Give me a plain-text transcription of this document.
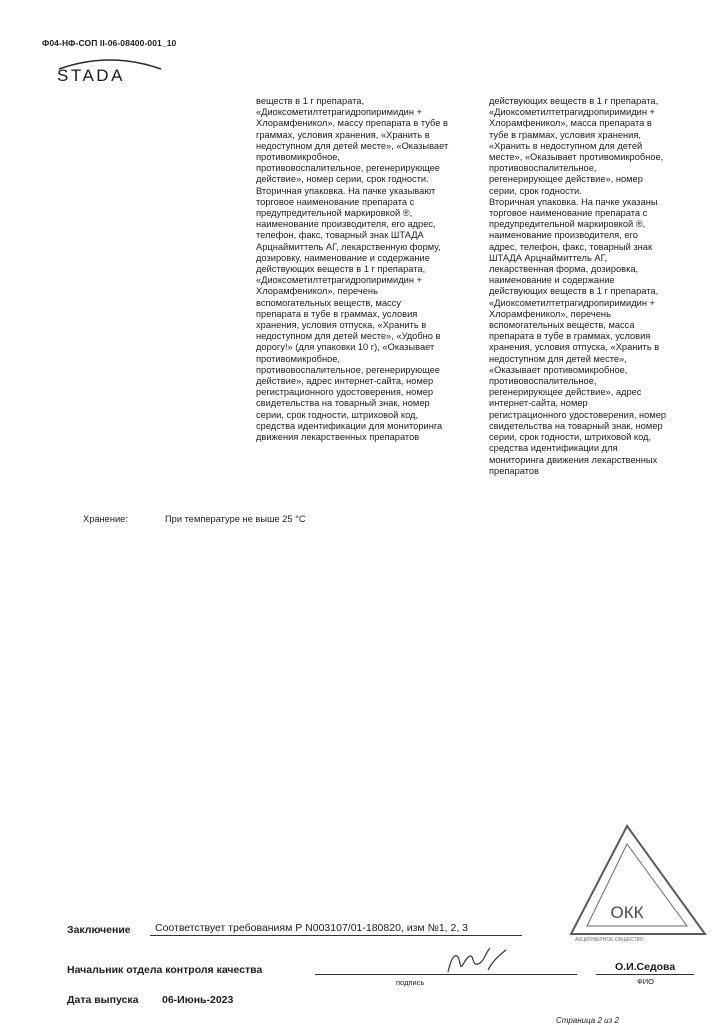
Ф04-НФ-СОП II-06-08400-001_10
STADA
веществ в 1 г препарата,
«Диоксометилтетрагидропиримидин +
Хлорамфеникол», массу препарата в тубе в
граммах, условия хранения, «Хранить в
недоступном для детей месте», «Оказывает
противомикробное,
противовоспалительное, регенерирующее
действие», номер серии, срок годности.
Вторичная упаковка. На пачке указывают
торговое наименование препарата с
предупредительной маркировкой ®,
наименование производителя, его адрес,
телефон, факс, товарный знак ШТАДА
Арцнаймиттель АГ, лекарственную форму,
дозировку, наименование и содержание
действующих веществ в 1 г препарата,
«Диоксометилтетрагидропиримидин +
Хлорамфеникол», перечень
вспомогательных веществ, массу
препарата в тубе в граммах, условия
хранения, условия отпуска, «Хранить в
недоступном для детей месте», «Удобно в
дорогу!» (для упаковки 10 г), «Оказывает
противомикробное,
противовоспалительное, регенерирующее
действие», адрес интернет-сайта, номер
регистрационного удостоверения, номер
свидетельства на товарный знак, номер
серии, срок годности, штриховой код,
средства идентификации для мониторинга
движения лекарственных препаратов
действующих веществ в 1 г препарата,
«Диоксометилтетрагидропиримидин +
Хлорамфеникол», масса препарата в
тубе в граммах, условия хранения,
«Хранить в недоступном для детей
месте», «Оказывает противомикробное,
противовоспалительное,
регенерирующее действие», номер
серии, срок годности.
Вторичная упаковка. На пачке указаны
торговое наименование препарата с
предупредительной маркировкой ®,
наименование производителя, его
адрес, телефон, факс, товарный знак
ШТАДА Арцнаймиттель АГ,
лекарственная форма, дозировка,
наименование и содержание
действующих веществ в 1 г препарата,
«Диоксометилтетрагидропиримидин +
Хлорамфеникол», перечень
вспомогательных веществ, масса
препарата в тубе в граммах, условия
хранения, условия отпуска, «Хранить в
недоступном для детей месте»,
«Оказывает противомикробное,
противовоспалительное,
регенерирующее действие», адрес
интернет-сайта, номер
регистрационного удостоверения, номер
свидетельства на товарный знак, номер
серии, срок годности, штриховой код,
средства идентификации для
мониторинга движения лекарственных
препаратов
Хранение:	При температуре не выше 25 °С
ОКК
АКЦИОНЕРНОЕ ОБЩЕСТВО
Заключение Соответствует требованиям Р N003107/01-180820, изм №1, 2, 3
Начальник отдела контроля качества
подпись
О.И.Седова
ФИО
Дата выпуска 06-Июнь-2023
Страница 2 из 2
